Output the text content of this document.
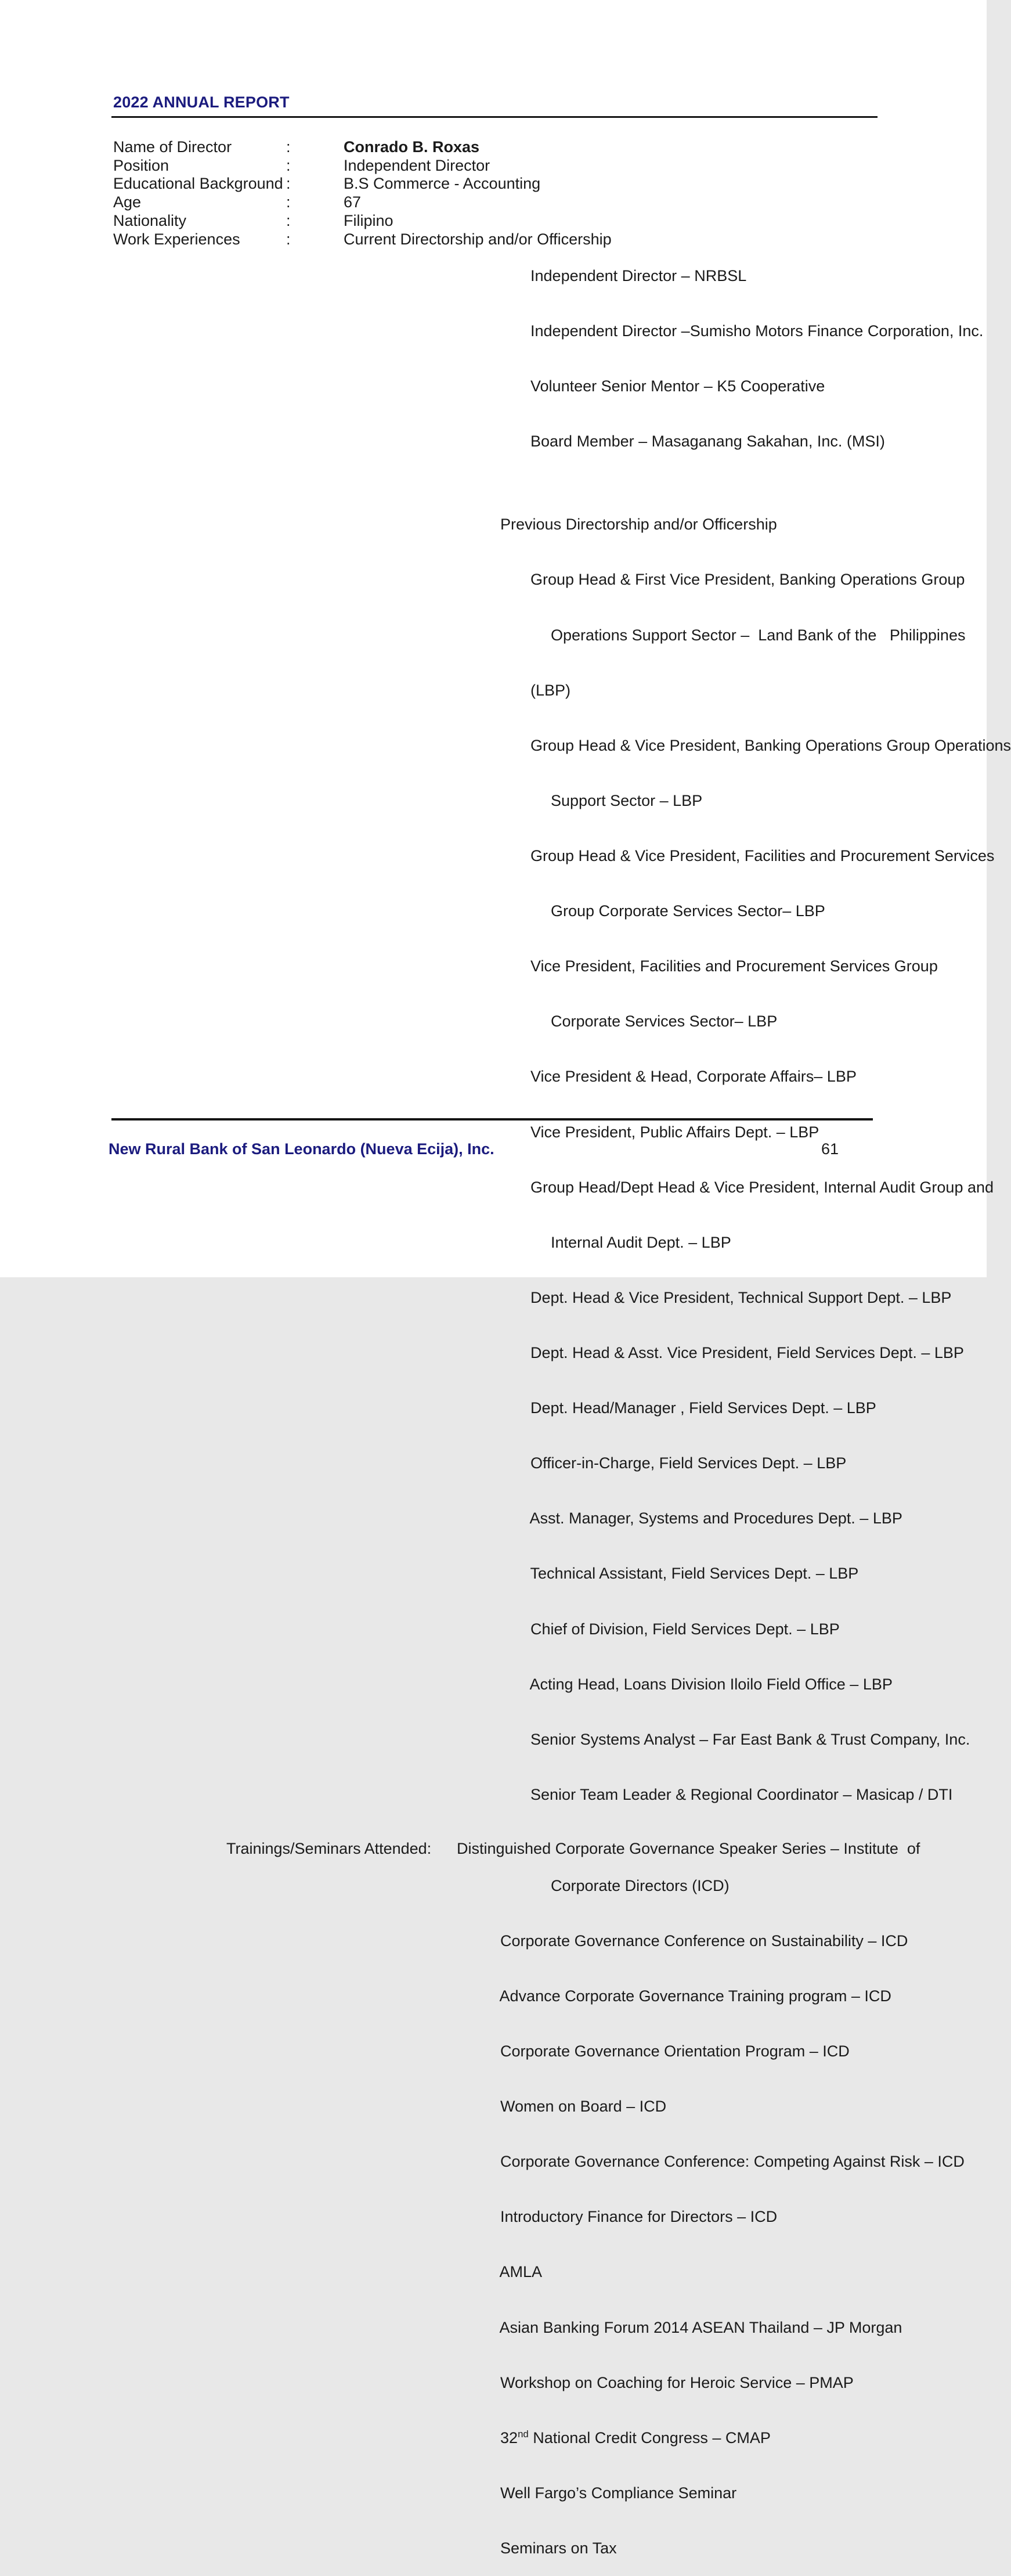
2022 ANNUAL REPORT
Name of Director	:	Conrado B. Roxas
Position	:	Independent Director
Educational Background :	B.S Commerce - Accounting
Age	:	67
Nationality	:	Filipino
Work Experiences	:	Current Directorship and/or Officership

Independent Director – NRBSL

Independent Director –Sumisho Motors Finance Corporation, Inc.

Volunteer Senior Mentor – K5 Cooperative

Board Member – Masaganang Sakahan, Inc. (MSI)

Previous Directorship and/or Officership

Group Head & First Vice President, Banking Operations Group

Operations Support Sector –  Land Bank of the   Philippines

(LBP)

Group Head & Vice President, Banking Operations Group Operations

Support Sector – LBP

Group Head & Vice President, Facilities and Procurement Services

Group Corporate Services Sector– LBP

Vice President, Facilities and Procurement Services Group

Corporate Services Sector– LBP

Vice President & Head, Corporate Affairs– LBP

Vice President, Public Affairs Dept. – LBP

Group Head/Dept Head & Vice President, Internal Audit Group and

Internal Audit Dept. – LBP

Dept. Head & Vice President, Technical Support Dept. – LBP

Dept. Head & Asst. Vice President, Field Services Dept. – LBP

Dept. Head/Manager , Field Services Dept. – LBP

Officer-in-Charge, Field Services Dept. – LBP

Asst. Manager, Systems and Procedures Dept. – LBP

Technical Assistant, Field Services Dept. – LBP

Chief of Division, Field Services Dept. – LBP

Acting Head, Loans Division Iloilo Field Office – LBP

Senior Systems Analyst – Far East Bank & Trust Company, Inc.

Senior Team Leader & Regional Coordinator – Masicap / DTI

Trainings/Seminars Attended:	Distinguished Corporate Governance Speaker Series – Institute  of

Corporate Directors (ICD)

Corporate Governance Conference on Sustainability – ICD

Advance Corporate Governance Training program – ICD

Corporate Governance Orientation Program – ICD

Women on Board – ICD

Corporate Governance Conference: Competing Against Risk – ICD

Introductory Finance for Directors – ICD

AMLA

Asian Banking Forum 2014 ASEAN Thailand – JP Morgan

Workshop on Coaching for Heroic Service – PMAP

32nd National Credit Congress – CMAP

Well Fargo’s Compliance Seminar

Seminars on Tax

New Rural Bank of San Leonardo (Nueva Ecija), Inc.	61
